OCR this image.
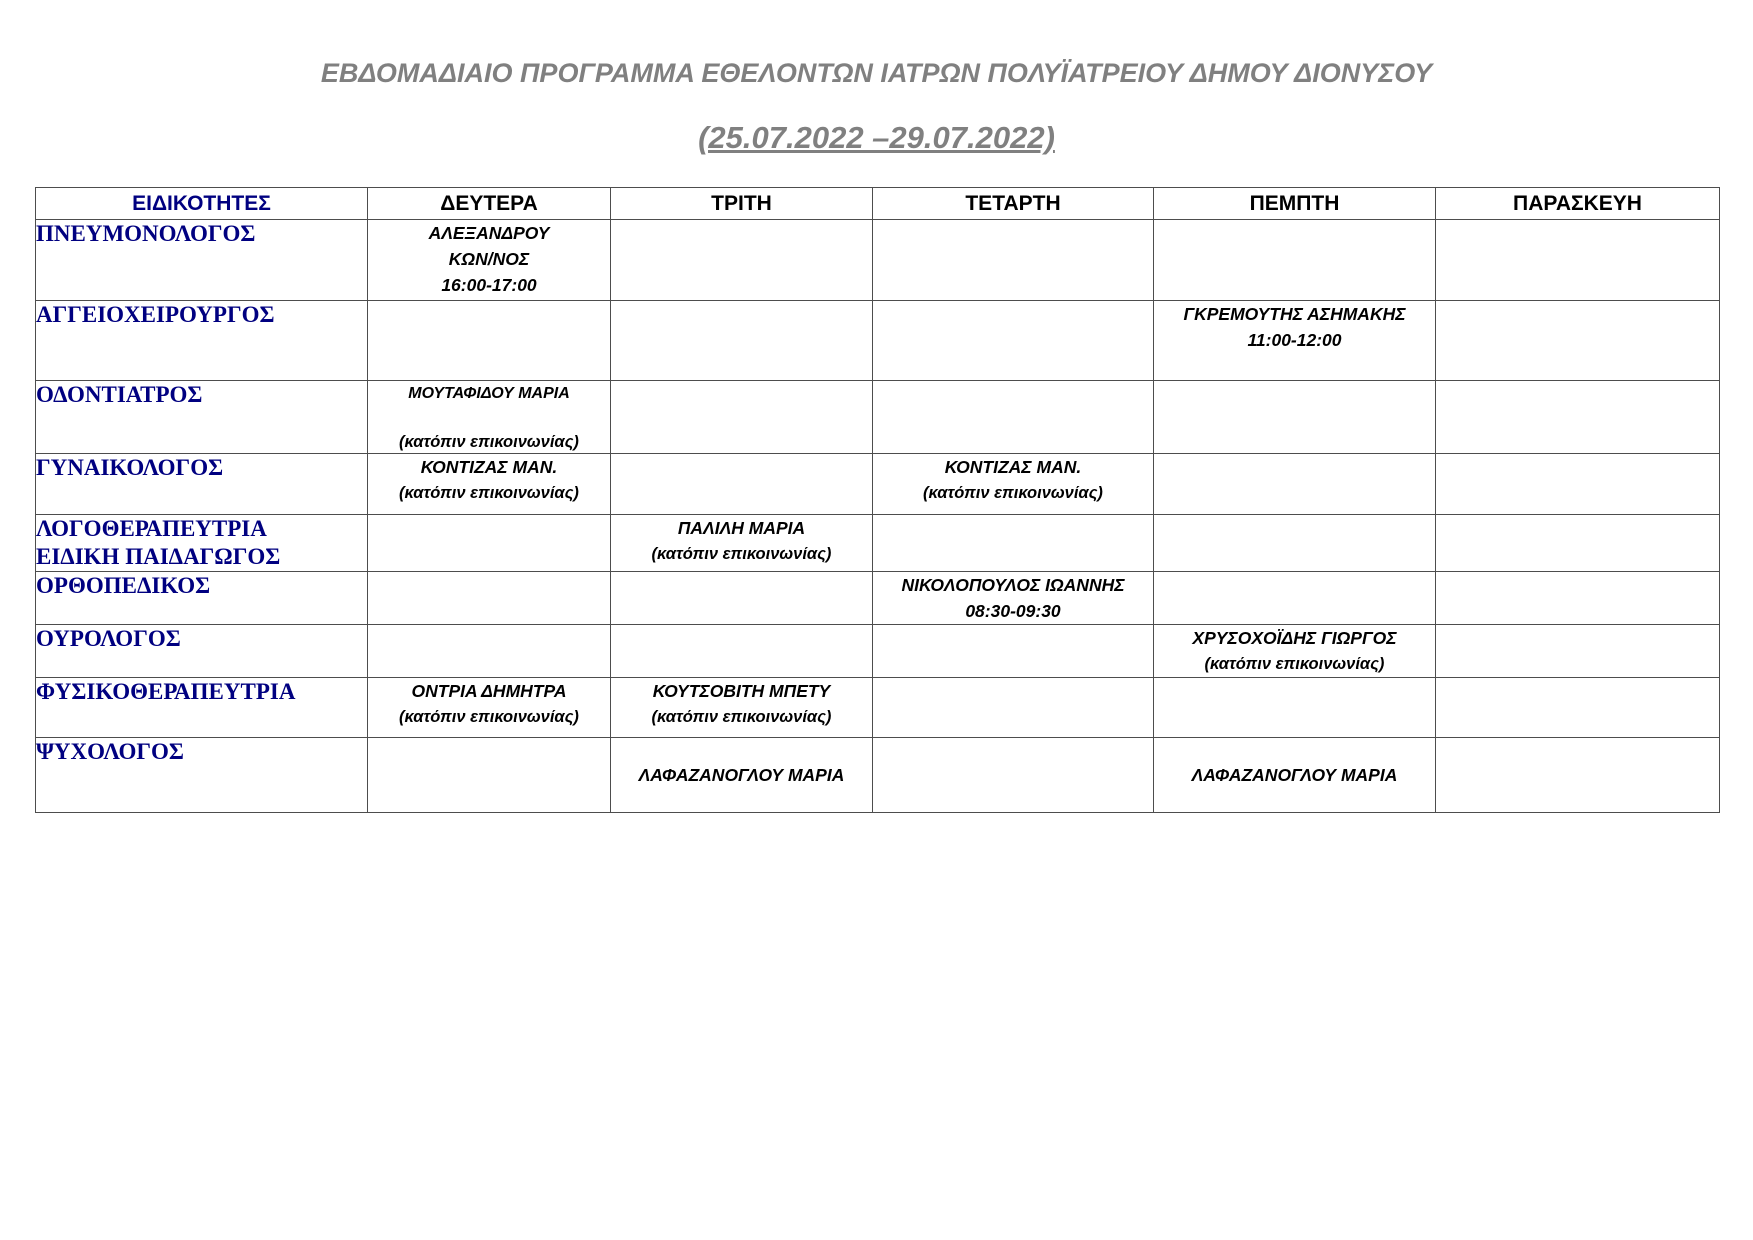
ΕΒΔΟΜΑΔΙΑΙΟ ΠΡΟΓΡΑΜΜΑ ΕΘΕΛΟΝΤΩΝ ΙΑΤΡΩΝ ΠΟΛΥΪΑΤΡΕΙΟΥ ΔΗΜΟΥ ΔΙΟΝΥΣΟΥ
(25.07.2022 –29.07.2022)
ΕΙΔΙΚΟΤΗΤΕΣ	ΔΕΥΤΕΡΑ	ΤΡΙΤΗ	ΤΕΤΑΡΤΗ	ΠΕΜΠΤΗ	ΠΑΡΑΣΚΕΥΗ

ΠΝΕΥΜΟΝΟΛΟΓΟΣ	ΑΛΕΞΑΝΔΡΟΥ
ΚΩΝ/ΝΟΣ
16:00-17:00				

ΑΓΓΕΙΟΧΕΙΡΟΥΡΓΟΣ				ΓΚΡΕΜΟΥΤΗΣ ΑΣΗΜΑΚΗΣ
11:00-12:00	

ΟΔΟΝΤΙΑΤΡΟΣ	ΜΟΥΤΑΦΙΔΟΥ ΜΑΡΙΑ
(κατόπιν επικοινωνίας)				

ΓΥΝΑΙΚΟΛΟΓΟΣ	ΚΟΝΤΙΖΑΣ ΜΑΝ.
(κατόπιν επικοινωνίας)		ΚΟΝΤΙΖΑΣ ΜΑΝ.
(κατόπιν επικοινωνίας)		

ΛΟΓΟΘΕΡΑΠΕΥΤΡΙΑ
ΕΙΔΙΚΗ ΠΑΙΔΑΓΩΓΟΣ		ΠΑΛΙΛΗ ΜΑΡΙΑ
(κατόπιν επικοινωνίας)			

ΟΡΘΟΠΕΔΙΚΟΣ			ΝΙΚΟΛΟΠΟΥΛΟΣ ΙΩΑΝΝΗΣ
08:30-09:30		

ΟΥΡΟΛΟΓΟΣ				ΧΡΥΣΟΧΟΪΔΗΣ ΓΙΩΡΓΟΣ
(κατόπιν επικοινωνίας)	

ΦΥΣΙΚΟΘΕΡΑΠΕΥΤΡΙΑ	ΟΝΤΡΙΑ ΔΗΜΗΤΡΑ
(κατόπιν επικοινωνίας)	ΚΟΥΤΣΟΒΙΤΗ ΜΠΕΤΥ
(κατόπιν επικοινωνίας)			

ΨΥΧΟΛΟΓΟΣ		ΛΑΦΑΖΑΝΟΓΛΟΥ ΜΑΡΙΑ		ΛΑΦΑΖΑΝΟΓΛΟΥ ΜΑΡΙΑ	
